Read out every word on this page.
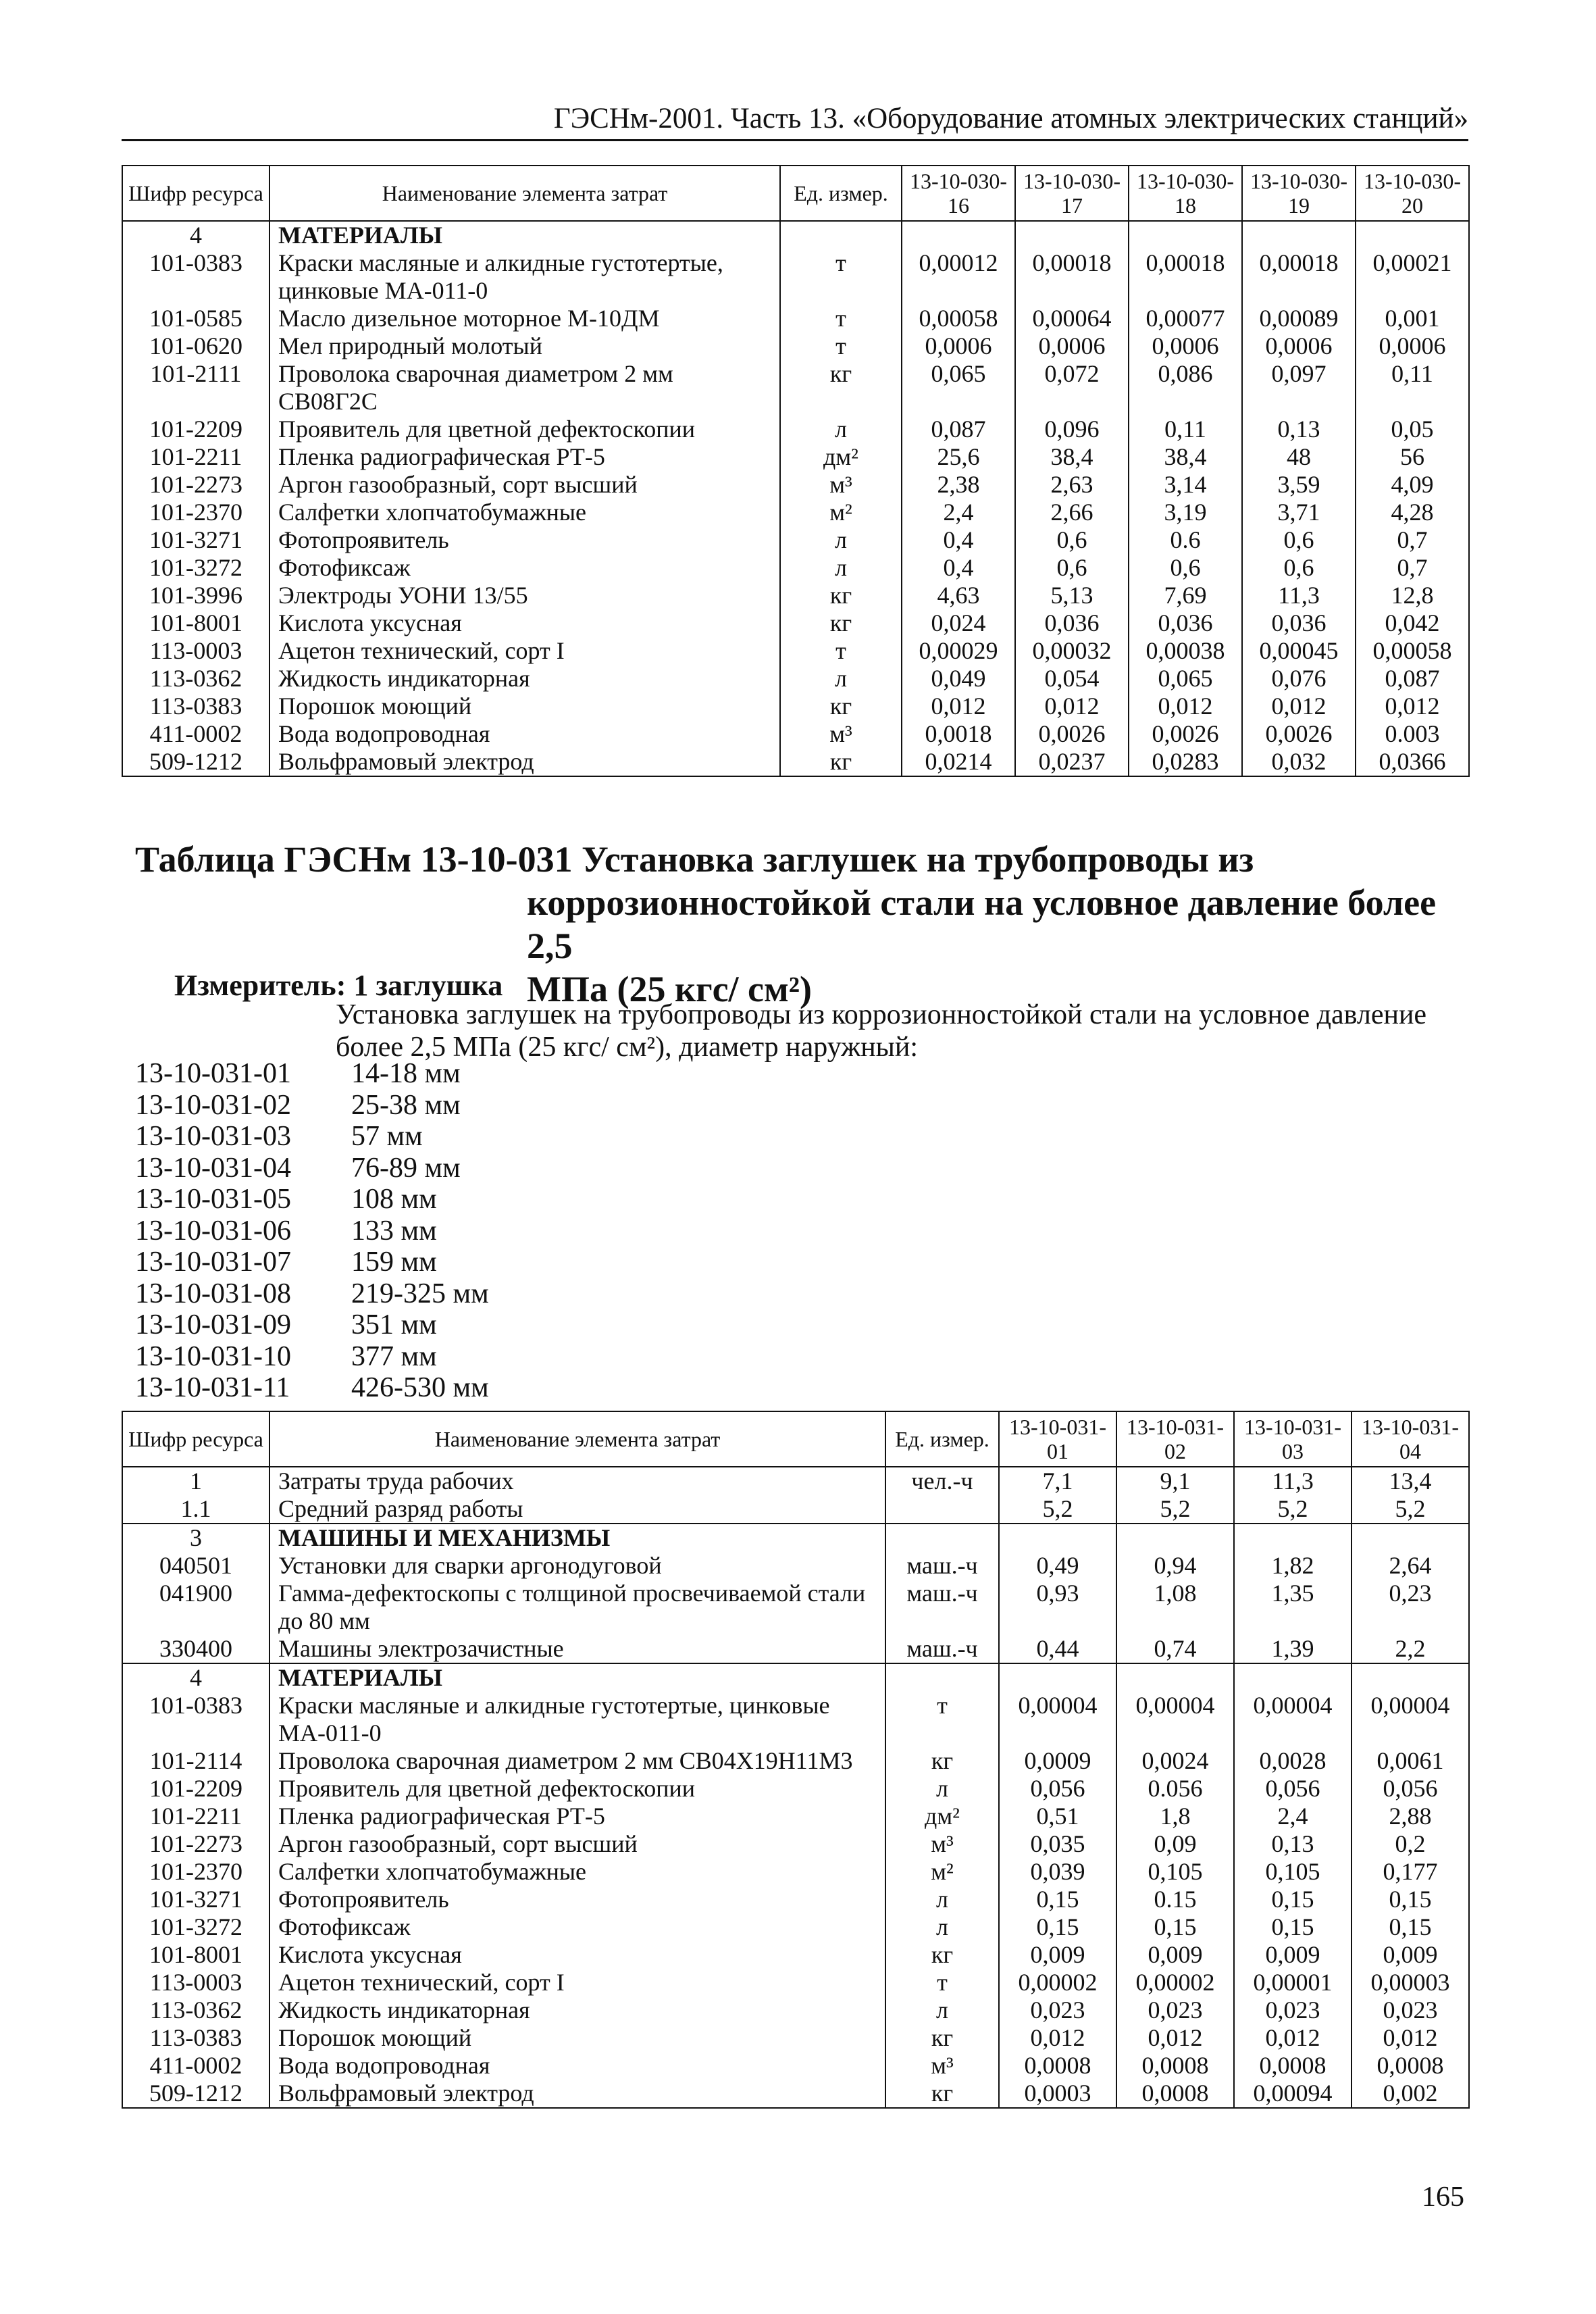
ГЭСНм-2001. Часть 13. «Оборудование атомных электрических станций»
Шифр ресурса	Наименование элемента затрат	Ед. измер.	13-10-030-16	13-10-030-17	13-10-030-18	13-10-030-19	13-10-030-20
4	МАТЕРИАЛЫ						
101-0383	Краски масляные и алкидные густотертые, цинковые МА-011-0	т	0,00012	0,00018	0,00018	0,00018	0,00021
101-0585	Масло дизельное моторное М-10ДМ	т	0,00058	0,00064	0,00077	0,00089	0,001
101-0620	Мел природный молотый	т	0,0006	0,0006	0,0006	0,0006	0,0006
101-2111	Проволока сварочная диаметром 2 мм СВ08Г2С	кг	0,065	0,072	0,086	0,097	0,11
101-2209	Проявитель для цветной дефектоскопии	л	0,087	0,096	0,11	0,13	0,05
101-2211	Пленка радиографическая РТ-5	дм²	25,6	38,4	38,4	48	56
101-2273	Аргон газообразный, сорт высший	м³	2,38	2,63	3,14	3,59	4,09
101-2370	Салфетки хлопчатобумажные	м²	2,4	2,66	3,19	3,71	4,28
101-3271	Фотопроявитель	л	0,4	0,6	0.6	0,6	0,7
101-3272	Фотофиксаж	л	0,4	0,6	0,6	0,6	0,7
101-3996	Электроды УОНИ 13/55	кг	4,63	5,13	7,69	11,3	12,8
101-8001	Кислота уксусная	кг	0,024	0,036	0,036	0,036	0,042
113-0003	Ацетон технический, сорт I	т	0,00029	0,00032	0,00038	0,00045	0,00058
113-0362	Жидкость индикаторная	л	0,049	0,054	0,065	0,076	0,087
113-0383	Порошок моющий	кг	0,012	0,012	0,012	0,012	0,012
411-0002	Вода водопроводная	м³	0,0018	0,0026	0,0026	0,0026	0.003
509-1212	Вольфрамовый электрод	кг	0,0214	0,0237	0,0283	0,032	0,0366
Таблица ГЭСНм 13-10-031 Установка заглушек на трубопроводы из
коррозионностойкой стали на условное давление более 2,5
МПа (25 кгс/ см²)
Измеритель: 1 заглушка
Установка заглушек на трубопроводы из коррозионностойкой стали на условное давление более 2,5 МПа (25 кгс/ см²), диаметр наружный:
13-10-031-01	14-18 мм
13-10-031-02	25-38 мм
13-10-031-03	57 мм
13-10-031-04	76-89 мм
13-10-031-05	108 мм
13-10-031-06	133 мм
13-10-031-07	159 мм
13-10-031-08	219-325 мм
13-10-031-09	351 мм
13-10-031-10	377 мм
13-10-031-11	426-530 мм
Шифр ресурса	Наименование элемента затрат	Ед. измер.	13-10-031-01	13-10-031-02	13-10-031-03	13-10-031-04
1	Затраты труда рабочих	чел.-ч	7,1	9,1	11,3	13,4
1.1	Средний разряд работы		5,2	5,2	5,2	5,2
3	МАШИНЫ И МЕХАНИЗМЫ					
040501	Установки для сварки аргонодуговой	маш.-ч	0,49	0,94	1,82	2,64
041900	Гамма-дефектоскопы с толщиной просвечиваемой стали до 80 мм	маш.-ч	0,93	1,08	1,35	0,23
330400	Машины электрозачистные	маш.-ч	0,44	0,74	1,39	2,2
4	МАТЕРИАЛЫ					
101-0383	Краски масляные и алкидные густотертые, цинковые МА-011-0	т	0,00004	0,00004	0,00004	0,00004
101-2114	Проволока сварочная диаметром 2 мм СВ04Х19Н11М3	кг	0,0009	0,0024	0,0028	0,0061
101-2209	Проявитель для цветной дефектоскопии	л	0,056	0.056	0,056	0,056
101-2211	Пленка радиографическая РТ-5	дм²	0,51	1,8	2,4	2,88
101-2273	Аргон газообразный, сорт высший	м³	0,035	0,09	0,13	0,2
101-2370	Салфетки хлопчатобумажные	м²	0,039	0,105	0,105	0,177
101-3271	Фотопроявитель	л	0,15	0.15	0,15	0,15
101-3272	Фотофиксаж	л	0,15	0,15	0,15	0,15
101-8001	Кислота уксусная	кг	0,009	0,009	0,009	0,009
113-0003	Ацетон технический, сорт I	т	0,00002	0,00002	0,00001	0,00003
113-0362	Жидкость индикаторная	л	0,023	0,023	0,023	0,023
113-0383	Порошок моющий	кг	0,012	0,012	0,012	0,012
411-0002	Вода водопроводная	м³	0,0008	0,0008	0,0008	0,0008
509-1212	Вольфрамовый электрод	кг	0,0003	0,0008	0,00094	0,002
165
